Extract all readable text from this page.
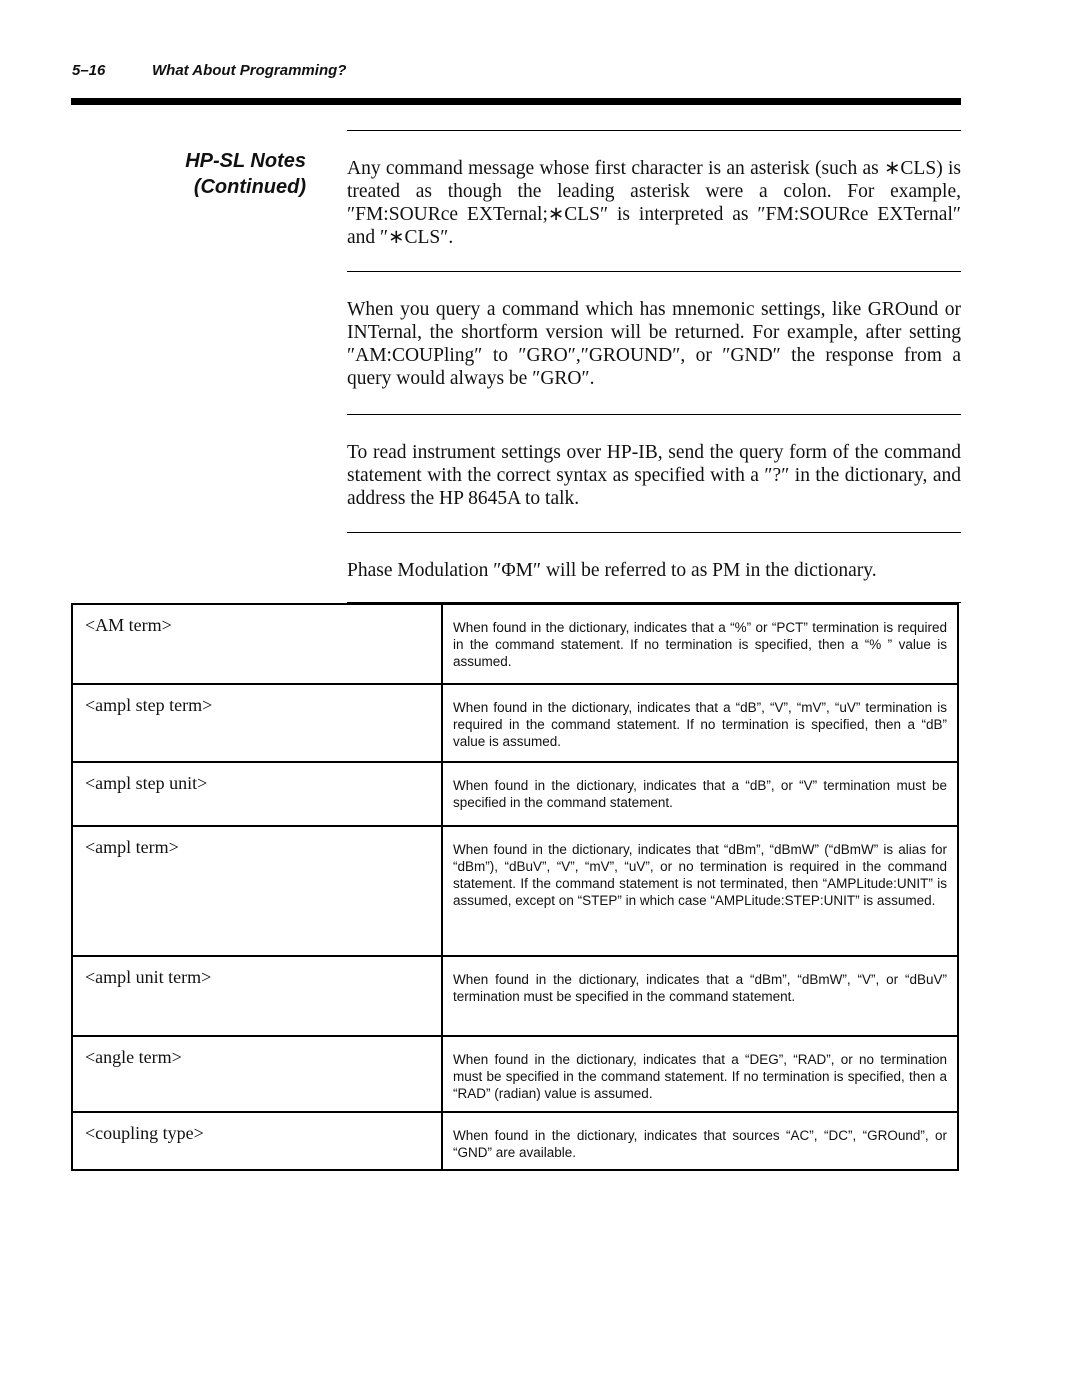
5–16	What About Programming?
HP-SL Notes
(Continued)

Any command message whose first character is an asterisk (such as ∗CLS) is treated as though the leading asterisk were a colon. For example, ″FM:SOURce EXTernal;∗CLS″ is interpreted as ″FM:SOURce EXTernal″ and ″∗CLS″.

When you query a command which has mnemonic settings, like GROund or INTernal, the shortform version will be returned. For example, after setting ″AM:COUPling″ to ″GRO″,″GROUND″, or ″GND″ the response from a query would always be ″GRO″.

To read instrument settings over HP-IB, send the query form of the command statement with the correct syntax as specified with a ″?″ in the dictionary, and address the HP 8645A to talk.

Phase Modulation ″ΦM″ will be referred to as PM in the dictionary.

<AM term>	When found in the dictionary, indicates that a “%” or “PCT” termination is required in the command statement. If no termination is specified, then a “% ” value is assumed.
<ampl step term>	When found in the dictionary, indicates that a “dB”, “V”, “mV”, “uV” termination is required in the command statement. If no termination is specified, then a “dB” value is assumed.
<ampl step unit>	When found in the dictionary, indicates that a “dB”, or “V” termination must be specified in the command statement.
<ampl term>	When found in the dictionary, indicates that “dBm”, “dBmW” (“dBmW” is alias for “dBm”), “dBuV”, “V”, “mV”, “uV”, or no termination is required in the command statement. If the command statement is not terminated, then “AMPLitude:UNIT” is assumed, except on “STEP” in which case “AMPLitude:STEP:UNIT” is assumed.
<ampl unit term>	When found in the dictionary, indicates that a “dBm”, “dBmW”, “V”, or “dBuV” termination must be specified in the command statement.
<angle term>	When found in the dictionary, indicates that a “DEG”, “RAD”, or no termination must be specified in the command statement. If no termination is specified, then a “RAD” (radian) value is assumed.
<coupling type>	When found in the dictionary, indicates that sources “AC”, “DC”, “GROund”, or “GND” are available.
